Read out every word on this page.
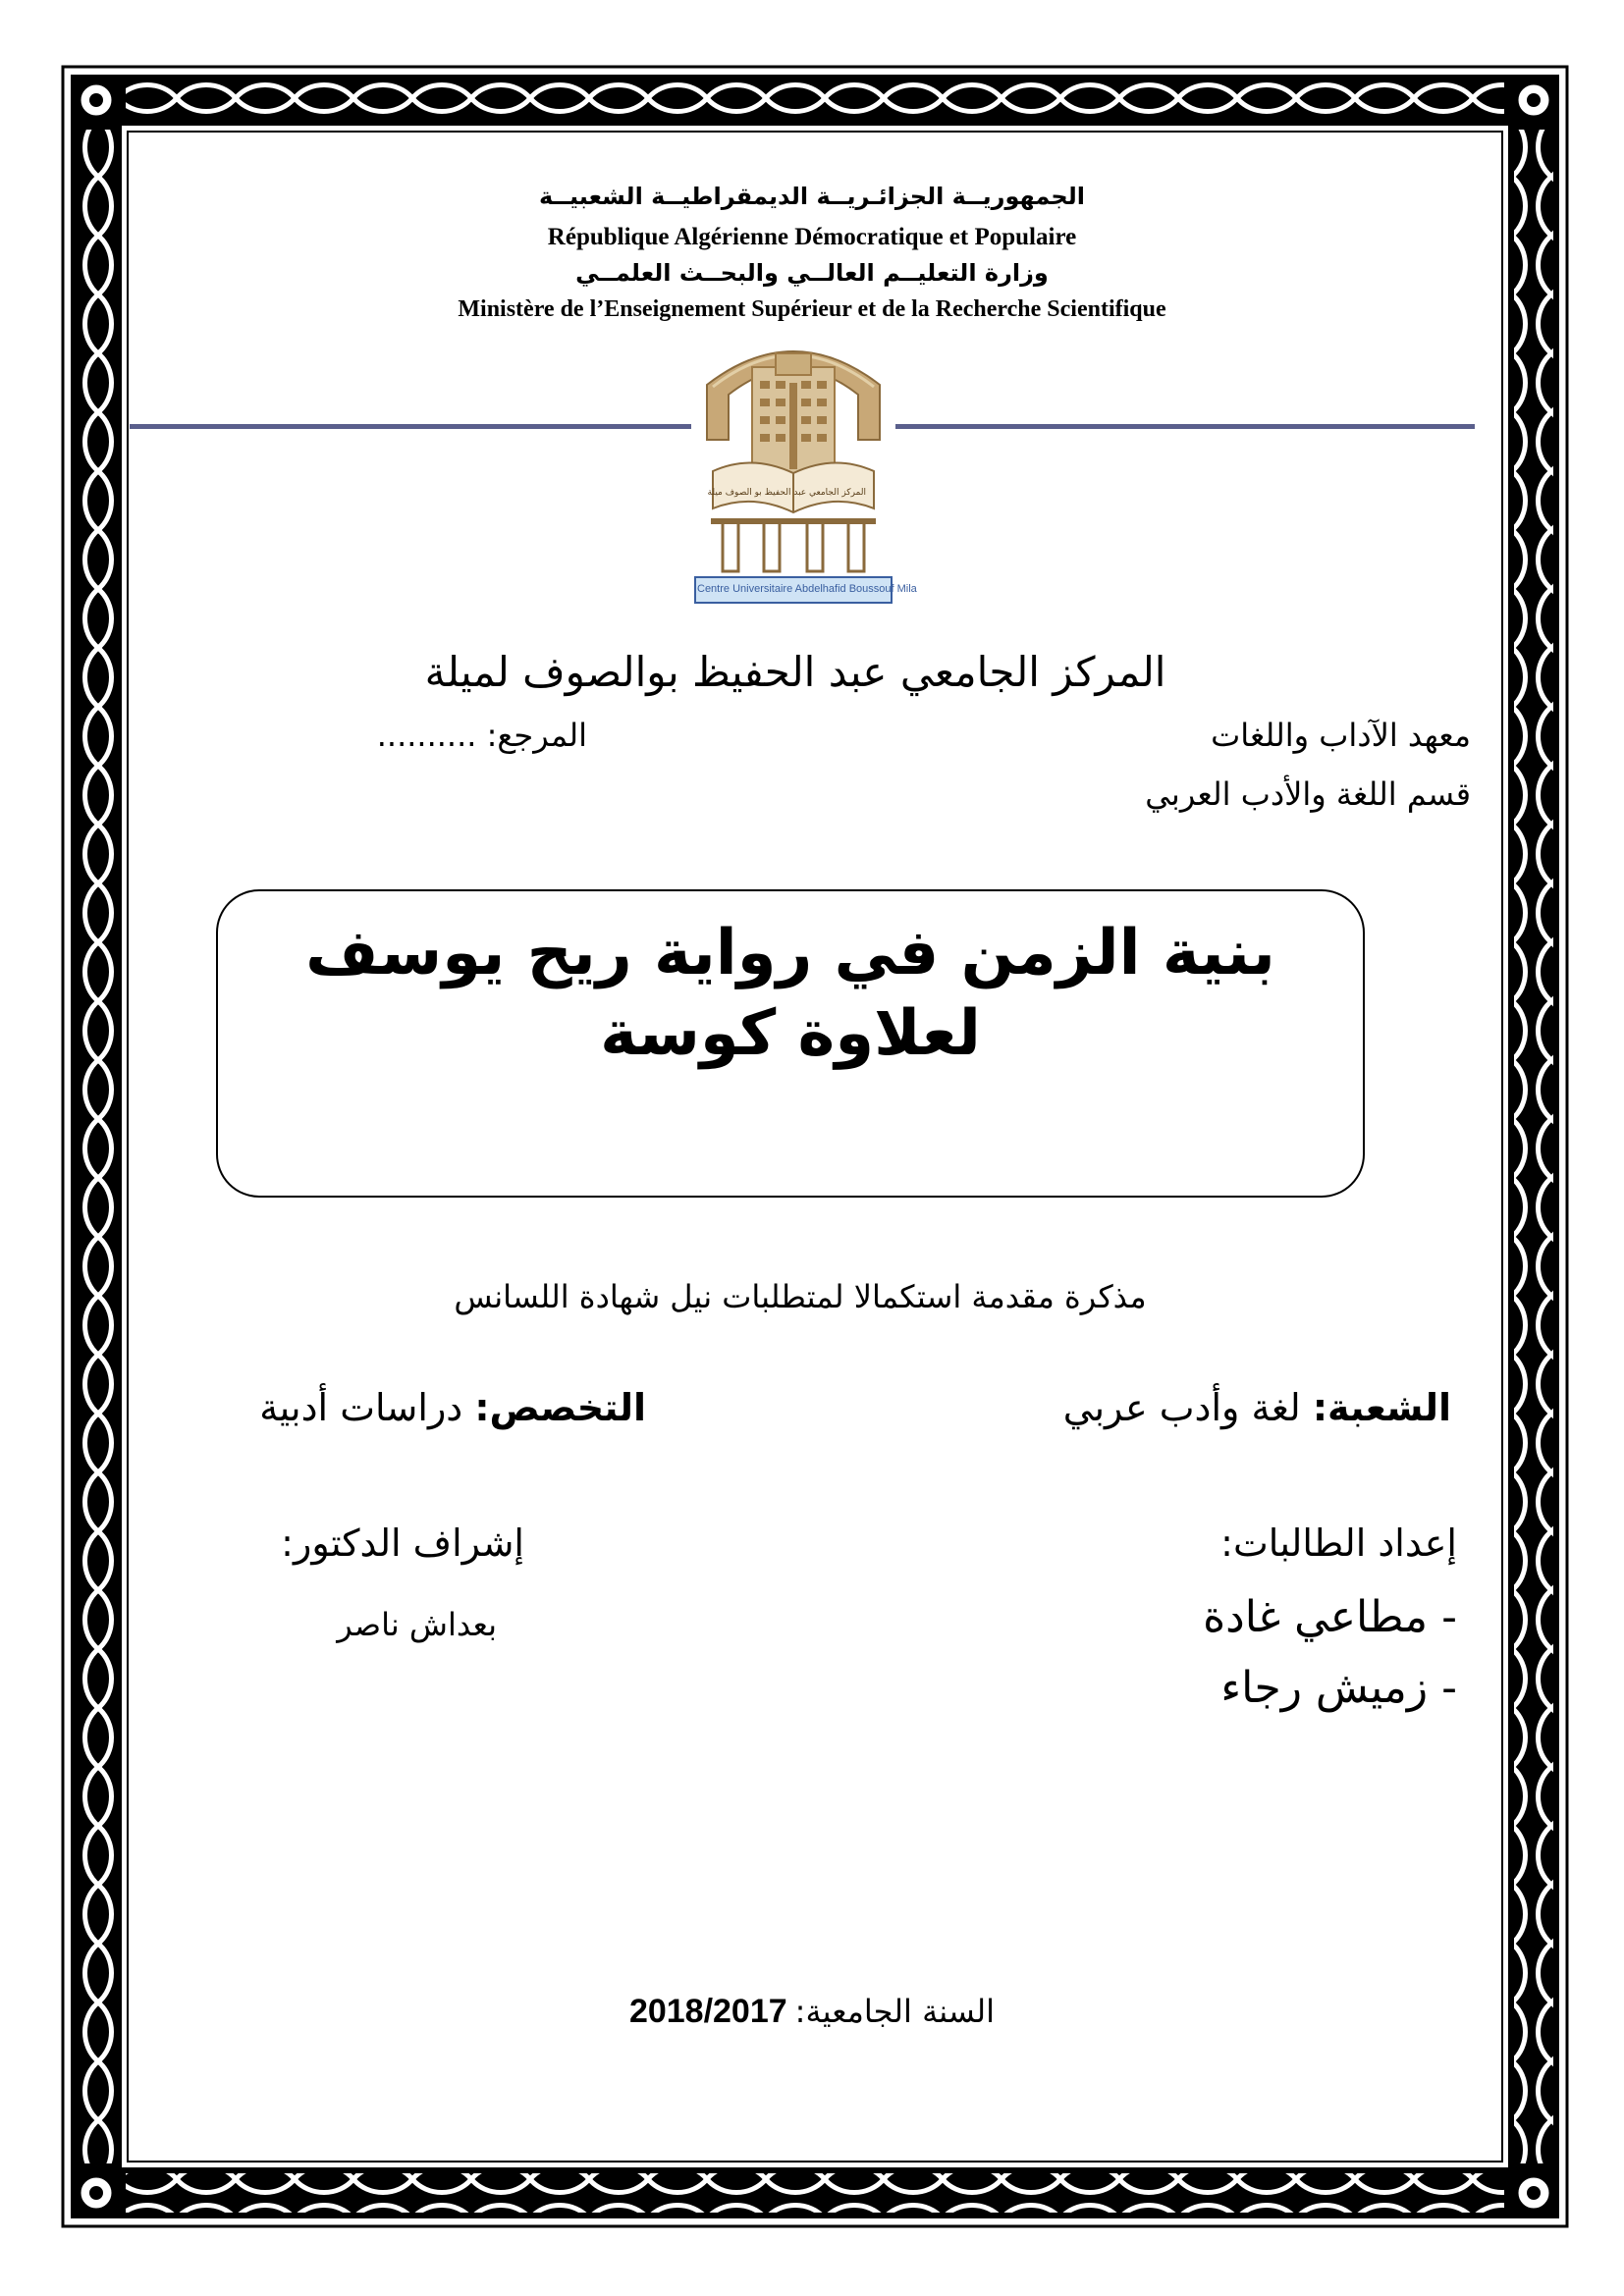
الجمهوريــة الجزائـريــة الديمقراطيــة الشعبيــة
République Algérienne Démocratique et Populaire
وزارة التعليــم العالــي والبحــث العلمــي
Ministère de l’Enseignement Supérieur et de la Recherche Scientifique
المركز الجامعي عبد الحفيظ بو الصوف ميلة
Centre Universitaire Abdelhafid Boussouf Mila
المركز الجامعي عبد الحفيظ بوالصوف لميلة
معهد الآداب واللغات
المرجع: ..........
قسم اللغة والأدب العربي
بنية الزمن في رواية ريح يوسف
لعلاوة كوسة
مذكرة مقدمة استكمالا لمتطلبات نيل شهادة اللسانس
الشعبة: لغة وأدب عربي
التخصص: دراسات أدبية
إعداد الطالبات:
- مطاعي غادة
- زميش رجاء
إشراف الدكتور:
بعداش ناصر
2018/2017 السنة الجامعية:
